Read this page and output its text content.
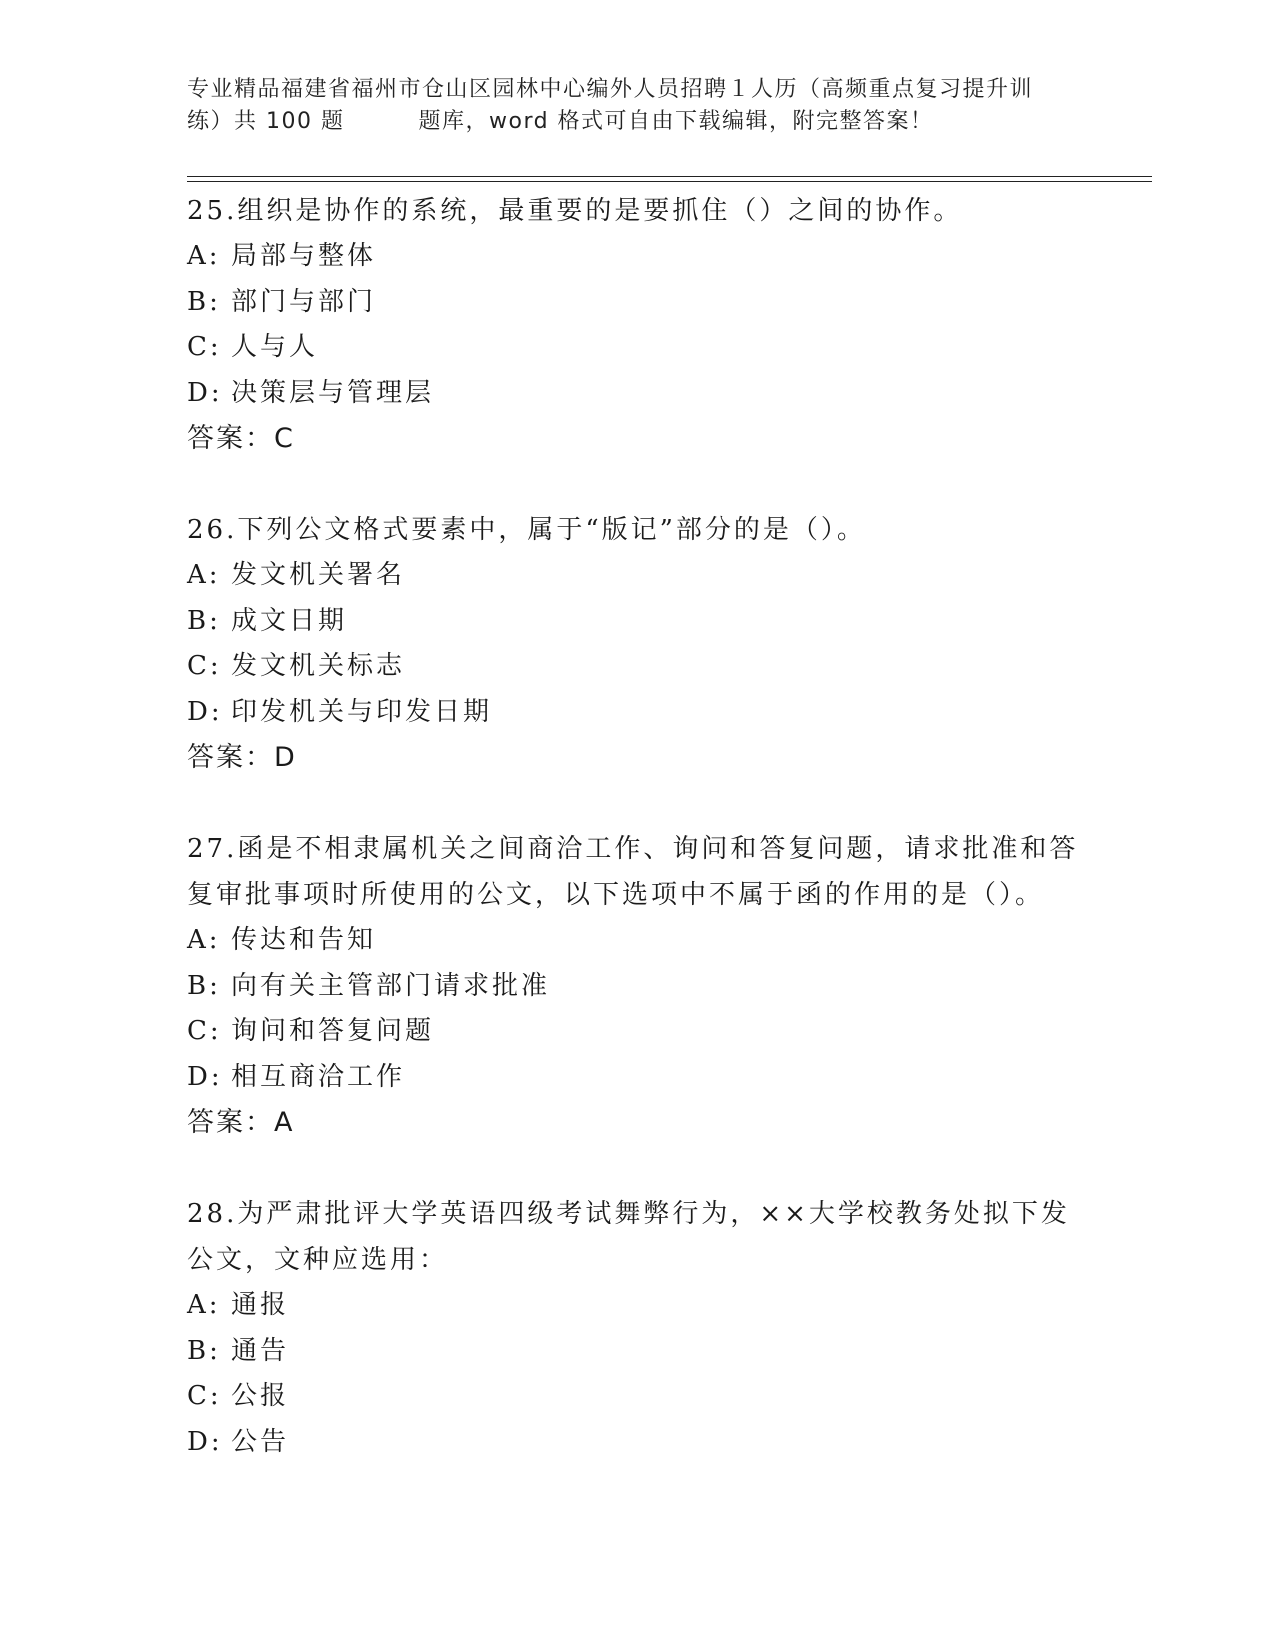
专业精品福建省福州市仓山区园林中心编外人员招聘１人历（高频重点复习提升训
练）共 100 题	题库，word 格式可自由下载编辑，附完整答案！

25.组织是协作的系统，最重要的是要抓住（）之间的协作。

A: 局部与整体
B: 部门与部门
C: 人与人
D: 决策层与管理层
答案：C

26.下列公文格式要素中，属于“版记”部分的是（）。

A: 发文机关署名
B: 成文日期
C: 发文机关标志
D: 印发机关与印发日期
答案：D

27.函是不相隶属机关之间商洽工作、询问和答复问题，请求批准和答复审批事项时所使用的公文，以下选项中不属于函的作用的是（）。

A: 传达和告知
B: 向有关主管部门请求批准
C: 询问和答复问题
D: 相互商洽工作
答案：A

28.为严肃批评大学英语四级考试舞弊行为，××大学校教务处拟下发公文，文种应选用：

A: 通报
B: 通告
C: 公报
D: 公告
